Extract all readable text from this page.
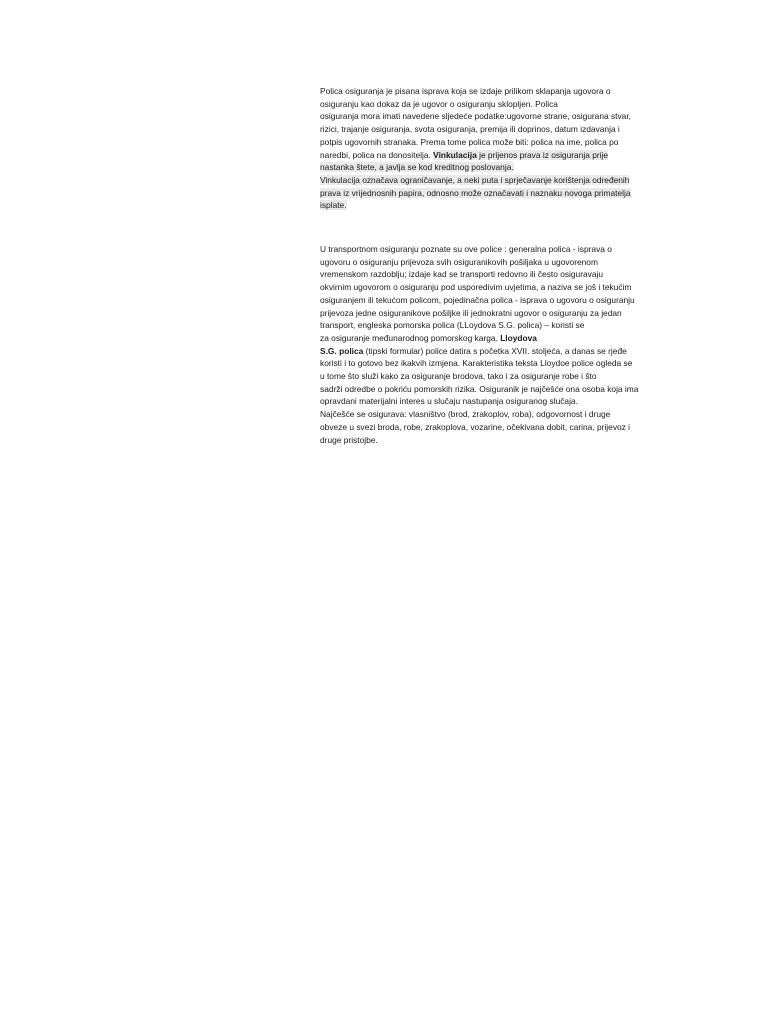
Polica osiguranja je pisana isprava koja se izdaje prilikom sklapanja ugovora o
osiguranju kao dokaz da je ugovor o osiguranju sklopljen. Polica
osiguranja mora imati navedene sljedeće podatke:ugovorne strane, osigurana stvar,
rizici, trajanje osiguranja, svota osiguranja, premija ili doprinos, datum izdavanja i
potpis ugovornih stranaka. Prema tome polica može biti: polica na ime, polica po
naredbi, polica na donositelja. Vinkulacija je prijenos prava iz osiguranja prije
nastanka štete, a javlja se kod kreditnog poslovanja.
Vinkulacija označava ograničavanje, a neki puta i sprječavanje korištenja određenih
prava iz vrijednosnih papira, odnosno može označavati i naznaku novoga primatelja
isplate.
U transportnom osiguranju poznate su ove police : generalna polica - isprava o
ugovoru o osiguranju prijevoza svih osiguranikovih pošiljaka u ugovorenom
vremenskom razdoblju; izdaje kad se transporti redovno ili često osiguravaju
okvirnim ugovorom o osiguranju pod usporedivim uvjetima, a naziva se još i tekućim
osiguranjem ili tekućom policom, pojedinačna polica - isprava o ugovoru o osiguranju
prijevoza jedne osiguranikove pošiljke ili jednokratni ugovor o osiguranju za jedan
transport, engleska pomorska polica (LLoydova S.G. polica) – koristi se
za osiguranje međunarodnog pomorskog karga. Lloydova
S.G. polica (tipski formular) police datira s početka XVII. stoljeća, a danas se rjeđe
koristi i to gotovo bez ikakvih izmjena. Karakteristika teksta Lloydoe police ogleda se
u tome što služi kako za osiguranje brodova, tako i za osiguranje robe i što
sadrži odredbe o pokriću pomorskih rizika. Osiguranik je najčešće ona osoba koja ima
opravdani materijalni interes u slučaju nastupanja osiguranog slučaja.
Najčešće se osigurava: vlasništvo (brod, zrakoplov, roba), odgovornost i druge
obveze u svezi broda, robe, zrakoplova, vozarine, očekivana dobit, carina, prijevoz i
druge pristojbe.
